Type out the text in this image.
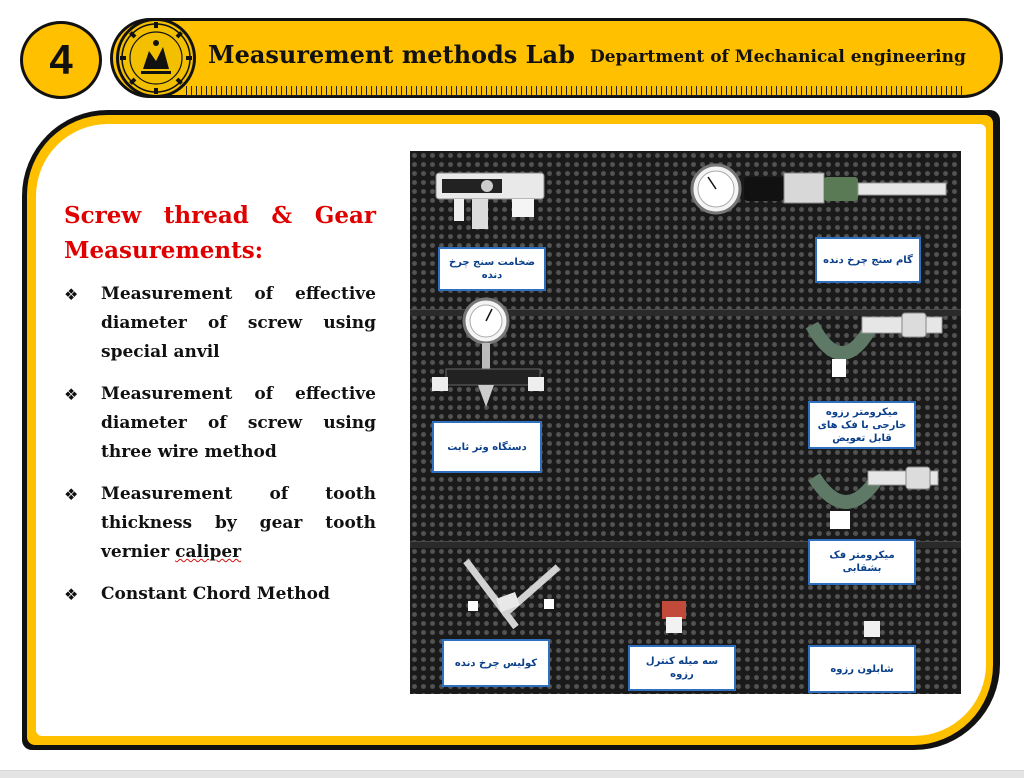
4	Measurement methods Lab Department of Mechanical engineering
Screw thread & Gear Measurements:
❖ Measurement of effective diameter of screw using special anvil
❖ Measurement of effective diameter of screw using three wire method
❖ Measurement of tooth thickness by gear tooth vernier caliper
❖ Constant Chord Method
ضخامت سنج چرخ دنده
گام سنج چرخ دنده
دستگاه وتر ثابت
میکرومتر رزوه خارجی با فک های قابل تعویض
میکرومتر فک بشقابی
کولیس چرخ دنده	سه میله کنترل رزوه	شابلون رزوه
